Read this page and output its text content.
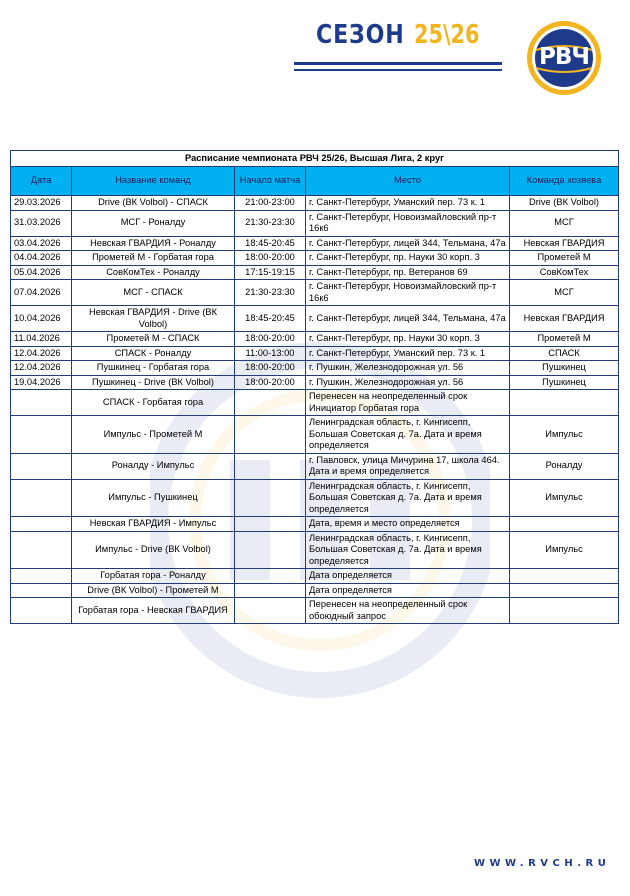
СЕЗОН 25\26
РВЧ
Расписание чемпионата РВЧ 25/26, Высшая Лига, 2 круг				
Дата	Название команд	Начало матча	Место	Команда хозяева
29.03.2026	Drive (ВК Volbol) - СПАСК	21:00-23:00	г. Санкт-Петербург, Уманский пер. 73 к. 1	Drive (ВК Volbol)
31.03.2026	МСГ - Роналду	21:30-23:30	г. Санкт-Петербург, Новоизмайловский пр-т 16к6	МСГ
03.04.2026	Невская ГВАРДИЯ - Роналду	18:45-20:45	г. Санкт-Петербург, лицей 344, Тельмана, 47а	Невская ГВАРДИЯ
04.04.2026	Прометей М - Горбатая гора	18:00-20:00	г. Санкт-Петербург, пр. Науки 30 корп. 3	Прометей М
05.04.2026	СовКомТех - Роналду	17:15-19:15	г. Санкт-Петербург, пр. Ветеранов 69	СовКомТех
07.04.2026	МСГ - СПАСК	21:30-23:30	г. Санкт-Петербург, Новоизмайловский пр-т 16к6	МСГ
10.04.2026	Невская ГВАРДИЯ - Drive (ВК Volbol)	18:45-20:45	г. Санкт-Петербург, лицей 344, Тельмана, 47а	Невская ГВАРДИЯ
11.04.2026	Прометей М - СПАСК	18:00-20:00	г. Санкт-Петербург, пр. Науки 30 корп. 3	Прометей М
12.04.2026	СПАСК - Роналду	11:00-13:00	г. Санкт-Петербург, Уманский пер. 73 к. 1	СПАСК
12.04.2026	Пушкинец - Горбатая гора	18:00-20:00	г. Пушкин, Железнодорожная ул. 56	Пушкинец
19.04.2026	Пушкинец - Drive (ВК Volbol)	18:00-20:00	г. Пушкин, Железнодорожная ул. 56	Пушкинец
	СПАСК - Горбатая гора		Перенесен на неопределенный срок Инициатор Горбатая гора	
	Импульс - Прометей М		Ленинградская область, г. Кингисепп, Большая Советская д. 7а. Дата и время определяется	Импульс
	Роналду - Импульс		г. Павловск, улица Мичурина 17, школа 464. Дата и время определяется	Роналду
	Импульс - Пушкинец		Ленинградская область, г. Кингисепп, Большая Советская д. 7а. Дата и время определяется	Импульс
	Невская ГВАРДИЯ - Импульс		Дата, время и место определяется	
	Импульс - Drive (ВК Volbol)		Ленинградская область, г. Кингисепп, Большая Советская д. 7а. Дата и время определяется	Импульс
	Горбатая гора - Роналду		Дата определяется	
	Drive (ВК Volbol) - Прометей М		Дата определяется	
	Горбатая гора - Невская ГВАРДИЯ		Перенесен на неопределенный срок обоюдный запрос	
WWW.RVCH.RU
